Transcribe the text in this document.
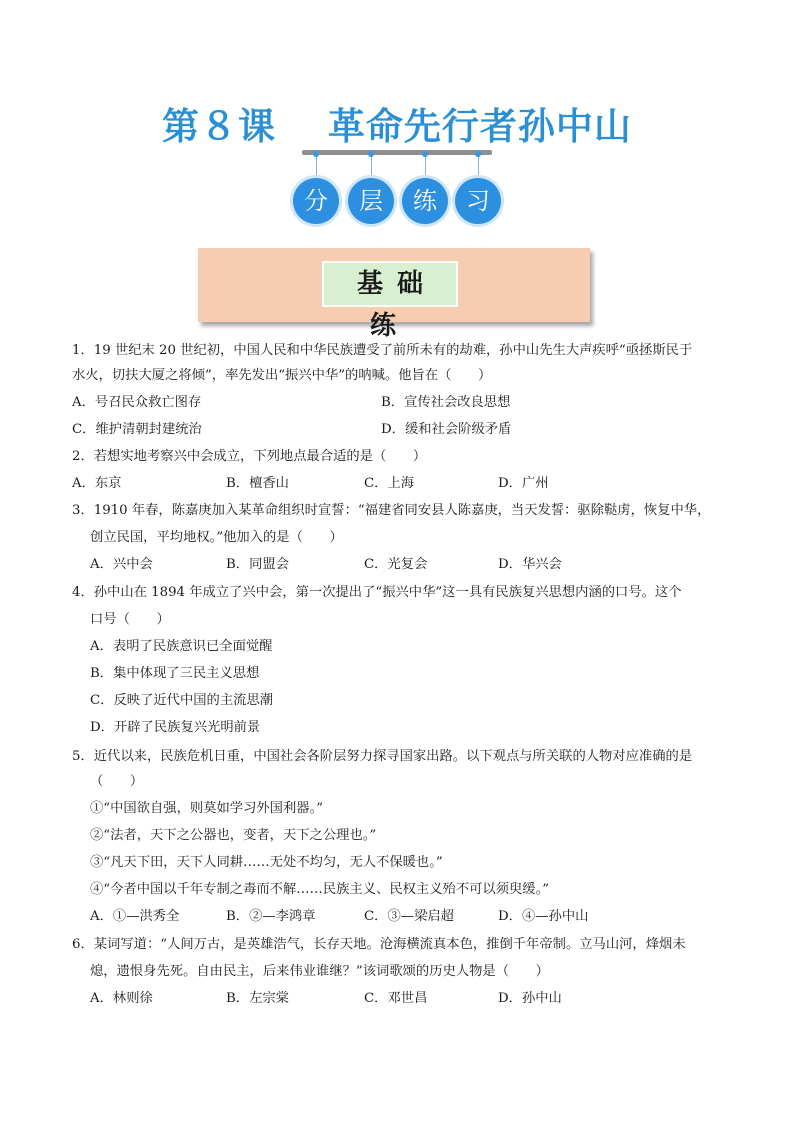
第８课　 革命先行者孙中山
分	层	练	习
基础练
1．19 世纪末 20 世纪初，中国人民和中华民族遭受了前所未有的劫难，孙中山先生大声疾呼“亟拯斯民于
水火，切扶大厦之将倾”，率先发出“振兴中华”的呐喊。他旨在（　　）
A．号召民众救亡图存	B．宣传社会改良思想
C．维护清朝封建统治	D．缓和社会阶级矛盾
2．若想实地考察兴中会成立，下列地点最合适的是（　　）
A．东京	B．檀香山	C．上海	D．广州
3．1910 年春，陈嘉庚加入某革命组织时宣誓：“福建省同安县人陈嘉庚，当天发誓：驱除鞑虏，恢复中华，
创立民国，平均地权。”他加入的是（　　）
A．兴中会	B．同盟会	C．光复会	D．华兴会
4．孙中山在 1894 年成立了兴中会，第一次提出了“振兴中华”这一具有民族复兴思想内涵的口号。这个
口号（　　）
A．表明了民族意识已全面觉醒
B．集中体现了三民主义思想
C．反映了近代中国的主流思潮
D．开辟了民族复兴光明前景
5．近代以来，民族危机日重，中国社会各阶层努力探寻国家出路。以下观点与所关联的人物对应准确的是
（　　）
①“中国欲自强，则莫如学习外国利器。”
②“法者，天下之公器也，变者，天下之公理也。”
③“凡天下田，天下人同耕……无处不均匀，无人不保暖也。”
④“今者中国以千年专制之毒而不解……民族主义、民权主义殆不可以须臾缓。”
A．①—洪秀全	B．②—李鸿章	C．③—梁启超	D．④—孙中山
6．某词写道：“人间万古，是英雄浩气，长存天地。沧海横流真本色，推倒千年帝制。立马山河，烽烟未
熄，遗恨身先死。自由民主，后来伟业谁继？”该词歌颂的历史人物是（　　）
A．林则徐	B．左宗棠	C．邓世昌	D．孙中山
